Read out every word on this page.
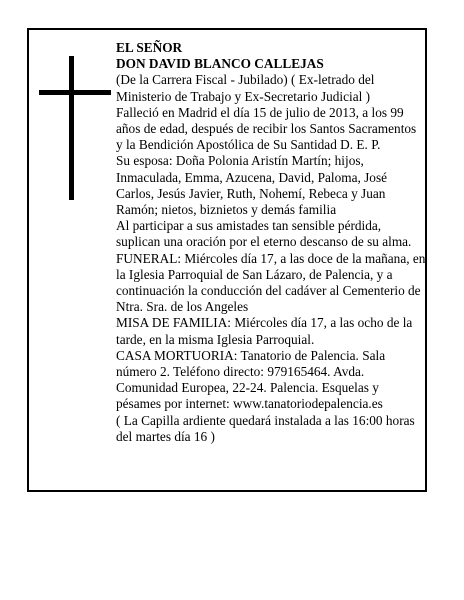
EL SEÑOR

DON DAVID BLANCO CALLEJAS

(De la Carrera Fiscal - Jubilado) ( Ex-letrado del Ministerio de Trabajo y Ex-Secretario Judicial )

Falleció en Madrid el día 15 de julio de 2013, a los 99 años de edad, después de recibir los Santos Sacramentos y la Bendición Apostólica de Su Santidad D. E. P.

Su esposa: Doña Polonia Aristín Martín; hijos, Inmaculada, Emma, Azucena, David, Paloma, José Carlos, Jesús Javier, Ruth, Nohemí, Rebeca y Juan Ramón; nietos, biznietos y demás familia

Al participar a sus amistades tan sensible pérdida, suplican una oración por el eterno descanso de su alma.

FUNERAL: Miércoles día 17, a las doce de la mañana, en la Iglesia Parroquial de San Lázaro, de Palencia, y a continuación la conducción del cadáver al Cementerio de Ntra. Sra. de los Angeles

MISA DE FAMILIA: Miércoles día 17, a las ocho de la tarde, en la misma Iglesia Parroquial.

CASA MORTUORIA: Tanatorio de Palencia. Sala número 2. Teléfono directo: 979165464. Avda. Comunidad Europea, 22-24. Palencia. Esquelas y pésames por internet: www.tanatoriodepalencia.es

( La Capilla ardiente quedará instalada a las 16:00 horas del martes día 16 )
